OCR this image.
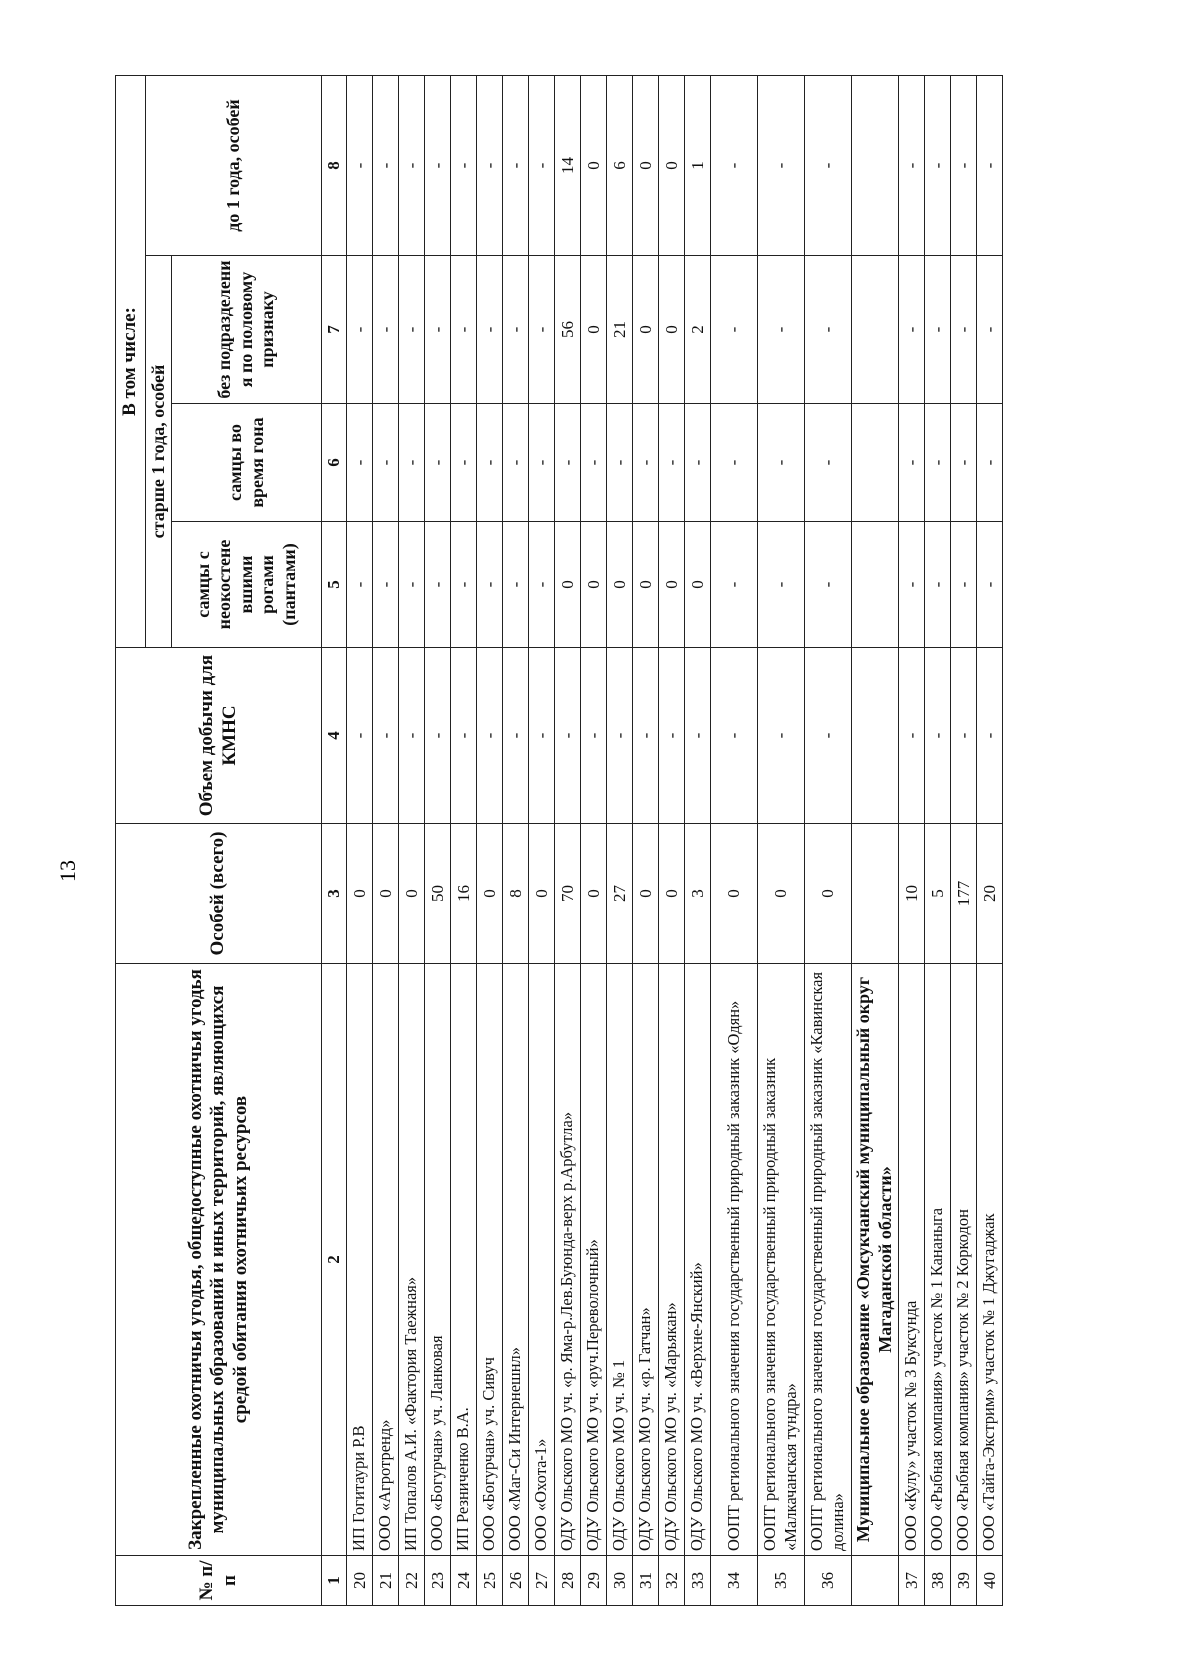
13
№ п/п	Закрепленные охотничьи угодья, общедоступные охотничьи угодья муниципальных образований и иных территорий, являющихся средой обитания охотничьих ресурсов	Особей (всего)	Объем добычи для КМНС	В том числе:			
				старше 1 года, особей			до 1 года, особей
				самцы с неокостене вшими рогами (пантами)	самцы во время гона	без подразделени я по половому признаку	
1	2	3	4	5	6	7	8
20	ИП Гогитаури Р.В	0	-	-	-	-	-
21	ООО «Агротренд»	0	-	-	-	-	-
22	ИП Топалов А.И. «Фактория Таежная»	0	-	-	-	-	-
23	ООО «Богурчан» уч. Ланковая	50	-	-	-	-	-
24	ИП Резниченко В.А.	16	-	-	-	-	-
25	ООО «Богурчан» уч. Сивуч	0	-	-	-	-	-
26	ООО «Маг-Си Интернешнл»	8	-	-	-	-	-
27	ООО «Охота-1»	0	-	-	-	-	-
28	ОДУ Ольского МО уч. «р. Яма-р.Лев.Буюнда-верх р.Арбутла»	70	-	0	-	56	14
29	ОДУ Ольского МО уч. «руч.Переволочный»	0	-	0	-	0	0
30	ОДУ Ольского МО уч. № 1	27	-	0	-	21	6
31	ОДУ Ольского МО уч. «р. Гатчан»	0	-	0	-	0	0
32	ОДУ Ольского МО уч. «Марьякан»	0	-	0	-	0	0
33	ОДУ Ольского МО уч. «Верхне-Янский»	3	-	0	-	2	1
34	ООПТ регионального значения государственный природный заказник «Одян»	0	-	-	-	-	-
35	ООПТ регионального значения государственный природный заказник «Малкачанская тундра»	0	-	-	-	-	-
36	ООПТ регионального значения государственный природный заказник «Кавинская долина»	0	-	-	-	-	-
	Муниципальное образование «Омсукчанский муниципальный округ Магаданской области»						
37	ООО «Кулу» участок № 3 Буксунда	10	-	-	-	-	-
38	ООО «Рыбная компания» участок № 1 Кананыга	5	-	-	-	-	-
39	ООО «Рыбная компания» участок № 2 Коркодон	177	-	-	-	-	-
40	ООО «Тайга-Экстрим» участок № 1 Джугаджак	20	-	-	-	-	-
